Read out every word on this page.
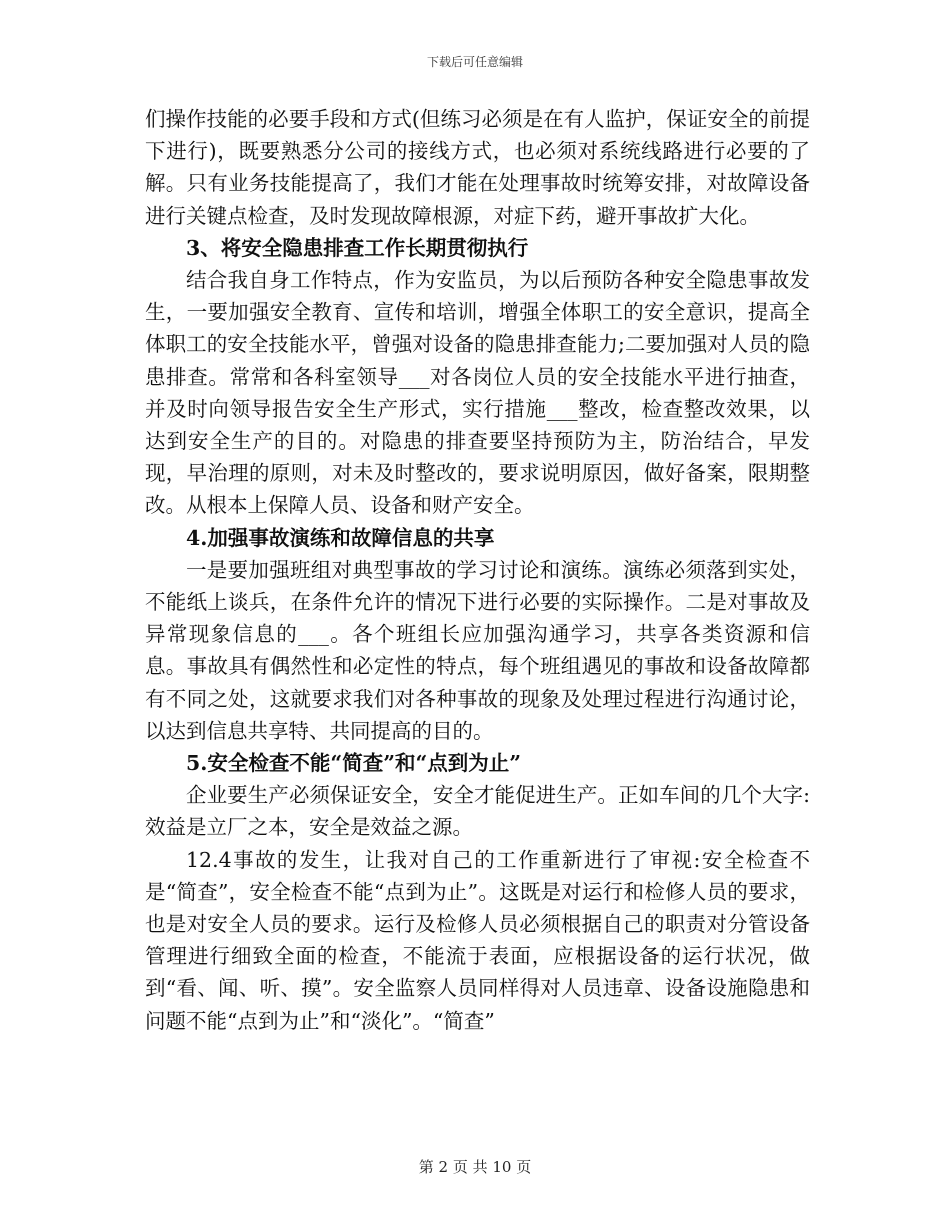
下载后可任意编辑

们操作技能的必要手段和方式(但练习必须是在有人监护，保证安全的前提下进行)，既要熟悉分公司的接线方式，也必须对系统线路进行必要的了解。只有业务技能提高了，我们才能在处理事故时统筹安排，对故障设备进行关键点检查，及时发现故障根源，对症下药，避开事故扩大化。

3、将安全隐患排查工作长期贯彻执行

结合我自身工作特点，作为安监员，为以后预防各种安全隐患事故发生，一要加强安全教育、宣传和培训，增强全体职工的安全意识，提高全体职工的安全技能水平，曾强对设备的隐患排查能力;二要加强对人员的隐患排查。常常和各科室领导___对各岗位人员的安全技能水平进行抽查，并及时向领导报告安全生产形式，实行措施___整改，检查整改效果，以达到安全生产的目的。对隐患的排查要坚持预防为主，防治结合，早发现，早治理的原则，对未及时整改的，要求说明原因，做好备案，限期整改。从根本上保障人员、设备和财产安全。

4.加强事故演练和故障信息的共享

一是要加强班组对典型事故的学习讨论和演练。演练必须落到实处，不能纸上谈兵，在条件允许的情况下进行必要的实际操作。二是对事故及异常现象信息的___。各个班组长应加强沟通学习，共享各类资源和信息。事故具有偶然性和必定性的特点，每个班组遇见的事故和设备故障都有不同之处，这就要求我们对各种事故的现象及处理过程进行沟通讨论，以达到信息共享特、共同提高的目的。

5.安全检查不能“简查”和“点到为止”

企业要生产必须保证安全，安全才能促进生产。正如车间的几个大字:效益是立厂之本，安全是效益之源。

12.4事故的发生，让我对自己的工作重新进行了审视:安全检查不是“简查”，安全检查不能“点到为止”。这既是对运行和检修人员的要求，也是对安全人员的要求。运行及检修人员必须根据自己的职责对分管设备管理进行细致全面的检查，不能流于表面，应根据设备的运行状况，做到“看、闻、听、摸”。安全监察人员同样得对人员违章、设备设施隐患和问题不能“点到为止”和“淡化”。“简查”

第 2 页 共 10 页
